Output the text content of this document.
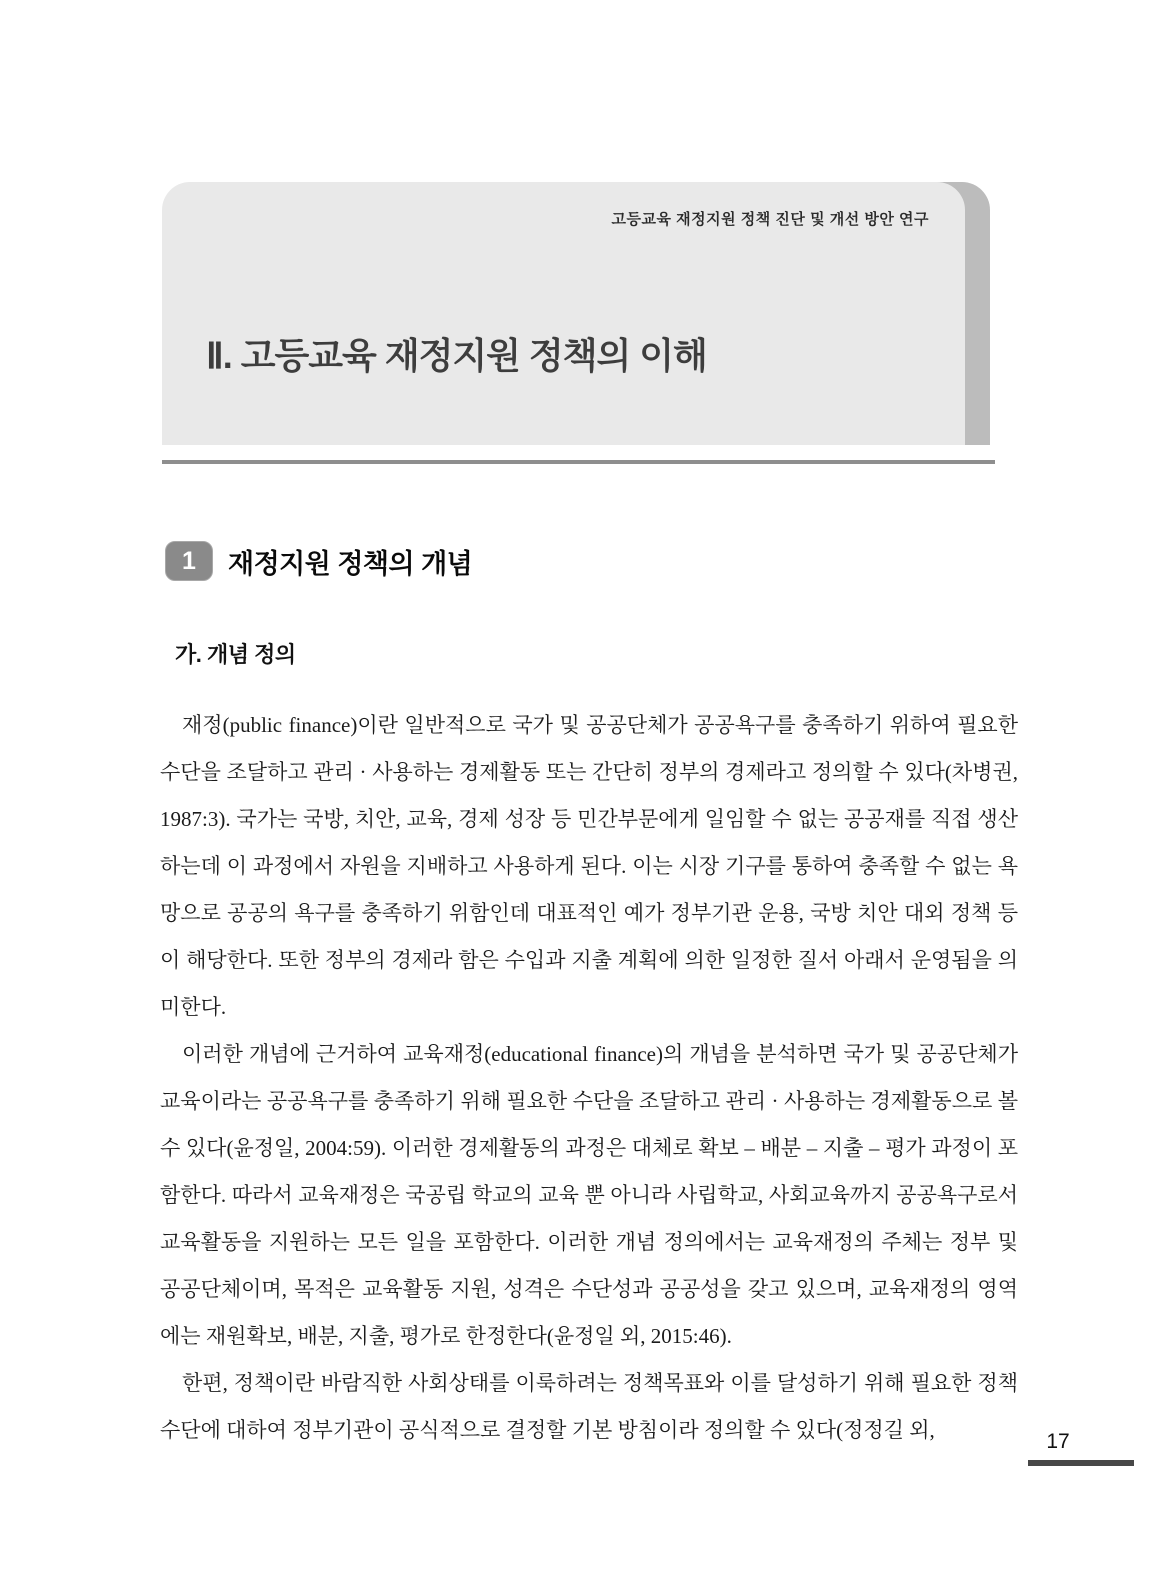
고등교육 재정지원 정책 진단 및 개선 방안 연구
Ⅱ. 고등교육 재정지원 정책의 이해
1	재정지원 정책의 개념
가. 개념 정의

재정(public finance)이란 일반적으로 국가 및 공공단체가 공공욕구를 충족하기 위하여 필요한 수단을 조달하고 관리 · 사용하는 경제활동 또는 간단히 정부의 경제라고 정의할 수 있다(차병권, 1987:3). 국가는 국방, 치안, 교육, 경제 성장 등 민간부문에게 일임할 수 없는 공공재를 직접 생산하는데 이 과정에서 자원을 지배하고 사용하게 된다. 이는 시장 기구를 통하여 충족할 수 없는 욕망으로 공공의 욕구를 충족하기 위함인데 대표적인 예가 정부기관 운용, 국방 치안 대외 정책 등이 해당한다. 또한 정부의 경제라 함은 수입과 지출 계획에 의한 일정한 질서 아래서 운영됨을 의미한다.

이러한 개념에 근거하여 교육재정(educational finance)의 개념을 분석하면 국가 및 공공단체가 교육이라는 공공욕구를 충족하기 위해 필요한 수단을 조달하고 관리 · 사용하는 경제활동으로 볼 수 있다(윤정일, 2004:59). 이러한 경제활동의 과정은 대체로 확보 – 배분 – 지출 – 평가 과정이 포함한다. 따라서 교육재정은 국공립 학교의 교육 뿐 아니라 사립학교, 사회교육까지 공공욕구로서 교육활동을 지원하는 모든 일을 포함한다. 이러한 개념 정의에서는 교육재정의 주체는 정부 및 공공단체이며, 목적은 교육활동 지원, 성격은 수단성과 공공성을 갖고 있으며, 교육재정의 영역에는 재원확보, 배분, 지출, 평가로 한정한다(윤정일 외, 2015:46).

한편, 정책이란 바람직한 사회상태를 이룩하려는 정책목표와 이를 달성하기 위해 필요한 정책수단에 대하여 정부기관이 공식적으로 결정할 기본 방침이라 정의할 수 있다(정정길 외,	17
